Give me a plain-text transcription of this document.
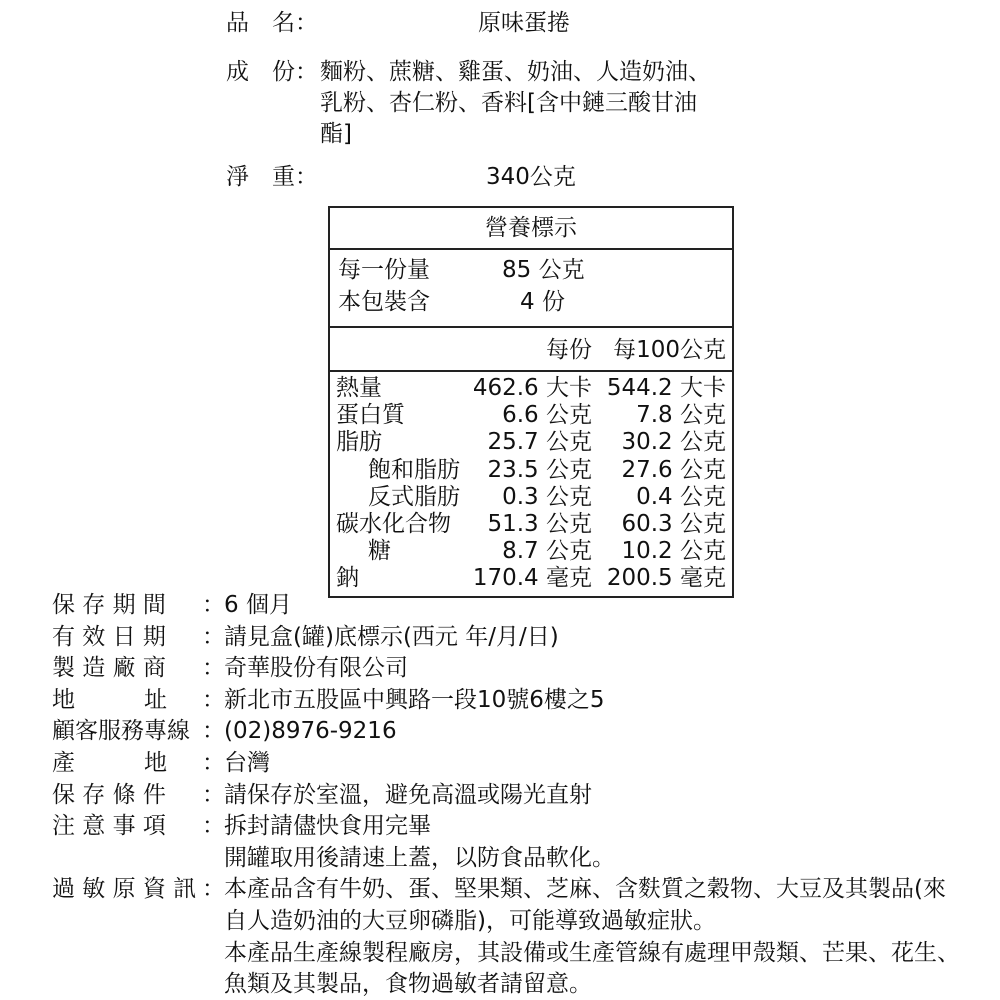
品　名：	原味蛋捲
成　份： 麵粉、蔗糖、雞蛋、奶油、人造奶油、
乳粉、杏仁粉、香料[含中鏈三酸甘油
酯]
淨　重：	340公克
營養標示
每一份量	85 公克
本包裝含	4 份
每份 每100公克
熱量	462.6 大卡 544.2 大卡
蛋白質	6.6 公克 7.8 公克
脂肪	25.7 公克 30.2 公克
飽和脂肪 23.5 公克 27.6 公克
反式脂肪 0.3 公克 0.4 公克
碳水化合物 51.3 公克 60.3 公克
糖	8.7 公克 10.2 公克
鈉	170.4 毫克 200.5 毫克
保 存 期 間 ： 6 個月
有 效 日 期 ： 請見盒(罐)底標示(西元 年/月/日)
製 造 廠 商 ： 奇華股份有限公司
地　　　址 ： 新北市五股區中興路一段10號6樓之5
顧客服務專線 ： (02)8976-9216
產　　　地 ： 台灣
保 存 條 件 ： 請保存於室溫，避免高溫或陽光直射
注 意 事 項 ： 拆封請儘快食用完畢
開罐取用後請速上蓋，以防食品軟化。
過 敏 原 資 訊 ： 本產品含有牛奶、蛋、堅果類、芝麻、含麩質之穀物、大豆及其製品(來
自人造奶油的大豆卵磷脂)，可能導致過敏症狀。
本產品生產線製程廠房，其設備或生產管線有處理甲殼類、芒果、花生、
魚類及其製品，食物過敏者請留意。
